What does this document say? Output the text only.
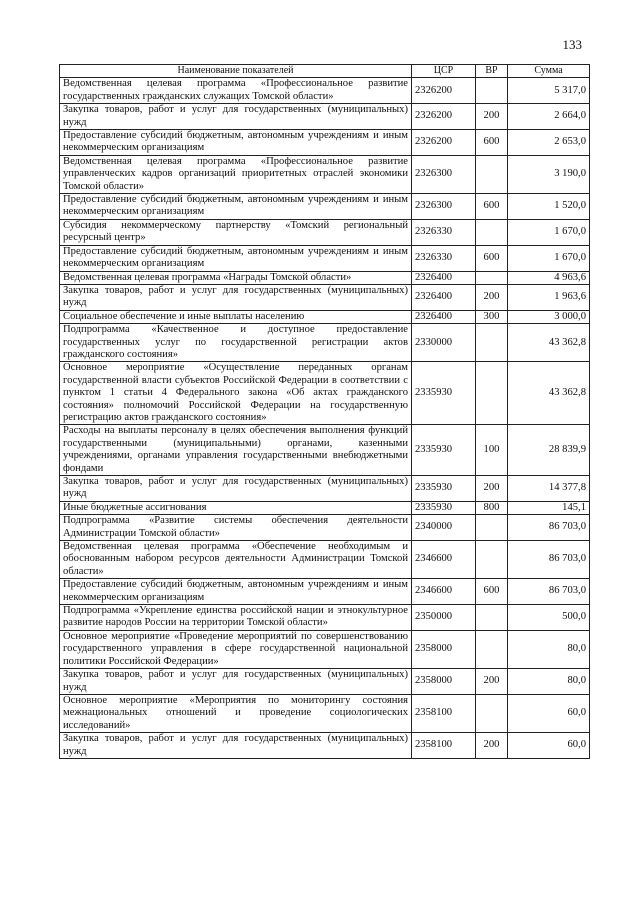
133
Наименование показателей	ЦСР	ВР	Сумма
Ведомственная целевая программа «Профессиональное развитие государственных гражданских служащих Томской области»	2326200		5 317,0
Закупка товаров, работ и услуг для государственных (муниципальных) нужд	2326200	200	2 664,0
Предоставление субсидий бюджетным, автономным учреждениям и иным некоммерческим организациям	2326200	600	2 653,0
Ведомственная целевая программа «Профессиональное развитие управленческих кадров организаций приоритетных отраслей экономики Томской области»	2326300		3 190,0
Предоставление субсидий бюджетным, автономным учреждениям и иным некоммерческим организациям	2326300	600	1 520,0
Субсидия некоммерческому партнерству «Томский региональный ресурсный центр»	2326330		1 670,0
Предоставление субсидий бюджетным, автономным учреждениям и иным некоммерческим организациям	2326330	600	1 670,0
Ведомственная целевая программа «Награды Томской области»	2326400		4 963,6
Закупка товаров, работ и услуг для государственных (муниципальных) нужд	2326400	200	1 963,6
Социальное обеспечение и иные выплаты населению	2326400	300	3 000,0
Подпрограмма «Качественное и доступное предоставление государственных услуг по государственной регистрации актов гражданского состояния»	2330000		43 362,8
Основное мероприятие «Осуществление переданных органам государственной власти субъектов Российской Федерации в соответствии с пунктом 1 статьи 4 Федерального закона «Об актах гражданского состояния» полномочий Российской Федерации на государственную регистрацию актов гражданского состояния»	2335930		43 362,8
Расходы на выплаты персоналу в целях обеспечения выполнения функций государственными (муниципальными) органами, казенными учреждениями, органами управления государственными внебюджетными фондами	2335930	100	28 839,9
Закупка товаров, работ и услуг для государственных (муниципальных) нужд	2335930	200	14 377,8
Иные бюджетные ассигнования	2335930	800	145,1
Подпрограмма «Развитие системы обеспечения деятельности Администрации Томской области»	2340000		86 703,0
Ведомственная целевая программа «Обеспечение необходимым и обоснованным набором ресурсов деятельности Администрации Томской области»	2346600		86 703,0
Предоставление субсидий бюджетным, автономным учреждениям и иным некоммерческим организациям	2346600	600	86 703,0
Подпрограмма «Укрепление единства российской нации и этнокультурное развитие народов России на территории Томской области»	2350000		500,0
Основное мероприятие «Проведение мероприятий по совершенствованию государственного управления в сфере государственной национальной политики Российской Федерации»	2358000		80,0
Закупка товаров, работ и услуг для государственных (муниципальных) нужд	2358000	200	80,0
Основное мероприятие «Мероприятия по мониторингу состояния межнациональных отношений и проведение социологических исследований»	2358100		60,0
Закупка товаров, работ и услуг для государственных (муниципальных) нужд	2358100	200	60,0
